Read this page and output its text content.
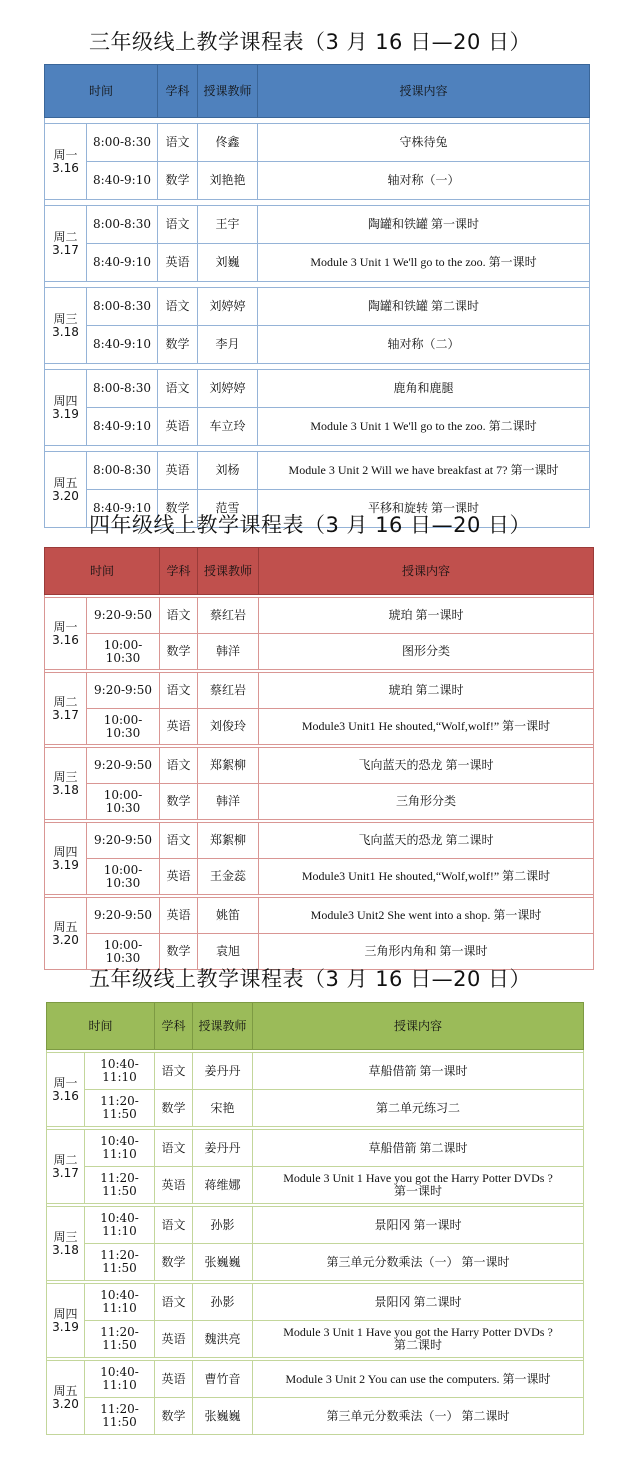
三年级线上教学课程表（3 月 16 日—20 日）
时间		学科	授课教师	授课内容

周一
3.16	8:00-8:30	语文	佟鑫	守株待兔

	8:40-9:10	数学	刘艳艳	轴对称（一）

周二
3.17	8:00-8:30	语文	王宇	陶罐和铁罐 第一课时

	8:40-9:10	英语	刘巍	Module 3 Unit 1 We'll go to the zoo. 第一课时

周三
3.18	8:00-8:30	语文	刘婷婷	陶罐和铁罐 第二课时

	8:40-9:10	数学	李月	轴对称（二）

周四
3.19	8:00-8:30	语文	刘婷婷	鹿角和鹿腿

	8:40-9:10	英语	车立玲	Module 3 Unit 1 We'll go to the zoo. 第二课时

周五
3.20	8:00-8:30	英语	刘杨	Module 3 Unit 2 Will we have breakfast at 7? 第一课时

	8:40-9:10	数学	范雪	平移和旋转 第一课时
四年级线上教学课程表（3 月 16 日—20 日）
时间		学科	授课教师	授课内容

周一
3.16	9:20-9:50	语文	蔡红岩	琥珀 第一课时

	10:00-10:30	数学	韩洋	图形分类

周二
3.17	9:20-9:50	语文	蔡红岩	琥珀 第二课时

	10:00-10:30	英语	刘俊玲	Module3 Unit1 He shouted,“Wolf,wolf!” 第一课时

周三
3.18	9:20-9:50	语文	郑絮柳	飞向蓝天的恐龙 第一课时

	10:00-10:30	数学	韩洋	三角形分类

周四
3.19	9:20-9:50	语文	郑絮柳	飞向蓝天的恐龙 第二课时

	10:00-10:30	英语	王金蕊	Module3 Unit1 He shouted,“Wolf,wolf!” 第二课时

周五
3.20	9:20-9:50	英语	姚笛	Module3 Unit2 She went into a shop. 第一课时

	10:00-10:30	数学	袁旭	三角形内角和 第一课时
五年级线上教学课程表（3 月 16 日—20 日）
时间		学科	授课教师	授课内容

周一
3.16	10:40-11:10	语文	姜丹丹	草船借箭 第一课时

	11:20-11:50	数学	宋艳	第二单元练习二

周二
3.17	10:40-11:10	语文	姜丹丹	草船借箭 第二课时

	11:20-11:50	英语	蒋维娜	Module 3 Unit 1 Have you got the Harry Potter DVDs ?
第一课时

周三
3.18	10:40-11:10	语文	孙影	景阳冈 第一课时

	11:20-11:50	数学	张巍巍	第三单元分数乘法（一） 第一课时

周四
3.19	10:40-11:10	语文	孙影	景阳冈 第二课时

	11:20-11:50	英语	魏洪亮	Module 3 Unit 1 Have you got the Harry Potter DVDs ?
第二课时

周五
3.20	10:40-11:10	英语	曹竹音	Module 3 Unit 2 You can use the computers. 第一课时

	11:20-11:50	数学	张巍巍	第三单元分数乘法（一） 第二课时
